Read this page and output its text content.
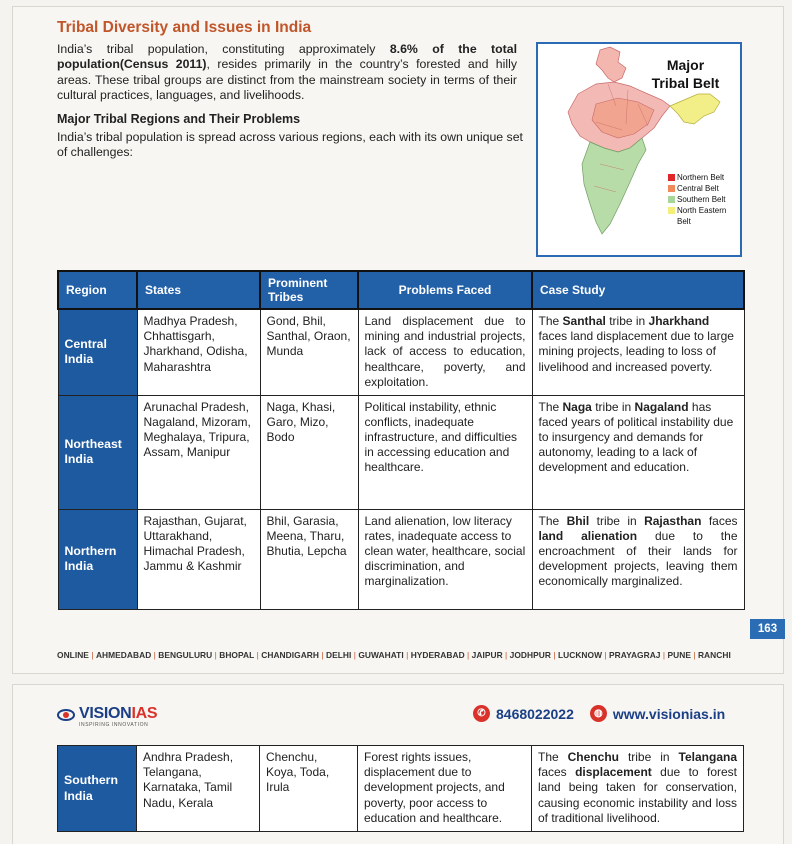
Tribal Diversity and Issues in India

India’s tribal population, constituting approximately 8.6% of the total population(Census 2011), resides primarily in the country’s forested and hilly areas. These tribal groups are distinct from the mainstream society in terms of their cultural practices, languages, and livelihoods.

Major Tribal Regions and Their Problems

India’s tribal population is spread across various regions, each with its own unique set of challenges:

Major
Tribal Belt
Northern Belt
Central Belt
Southern Belt
North Eastern Belt
Region	States	Prominent Tribes	Problems Faced	Case Study
Central India	Madhya Pradesh, Chhattisgarh, Jharkhand, Odisha, Maharashtra	Gond, Bhil, Santhal, Oraon, Munda	Land displacement due to mining and industrial projects, lack of access to education, healthcare, poverty, and exploitation.	The Santhal tribe in Jharkhand faces land displacement due to large mining projects, leading to loss of livelihood and increased poverty.
Northeast India	Arunachal Pradesh, Nagaland, Mizoram, Meghalaya, Tripura, Assam, Manipur	Naga, Khasi, Garo, Mizo, Bodo	Political instability, ethnic conflicts, inadequate infrastructure, and difficulties in accessing education and healthcare.	The Naga tribe in Nagaland has faced years of political instability due to insurgency and demands for autonomy, leading to a lack of development and education.
Northern India	Rajasthan, Gujarat, Uttarakhand, Himachal Pradesh, Jammu & Kashmir	Bhil, Garasia, Meena, Tharu, Bhutia, Lepcha	Land alienation, low literacy rates, inadequate access to clean water, healthcare, social discrimination, and marginalization.	The Bhil tribe in Rajasthan faces land alienation due to the encroachment of their lands for development projects, leaving them economically marginalized.
163
ONLINE | AHMEDABAD | BENGULURU | BHOPAL | CHANDIGARH | DELHI | GUWAHATI | HYDERABAD | JAIPUR | JODHPUR | LUCKNOW | PRAYAGRAJ | PUNE | RANCHI
VISIONIAS
INSPIRING INNOVATION
✆ 8468022022	◍ www.visionias.in
Southern India	Andhra Pradesh, Telangana, Karnataka, Tamil Nadu, Kerala	Chenchu, Koya, Toda, Irula	Forest rights issues, displacement due to development projects, and poverty, poor access to education and healthcare.	The Chenchu tribe in Telangana faces displacement due to forest land being taken for conservation, causing economic instability and loss of traditional livelihood.
